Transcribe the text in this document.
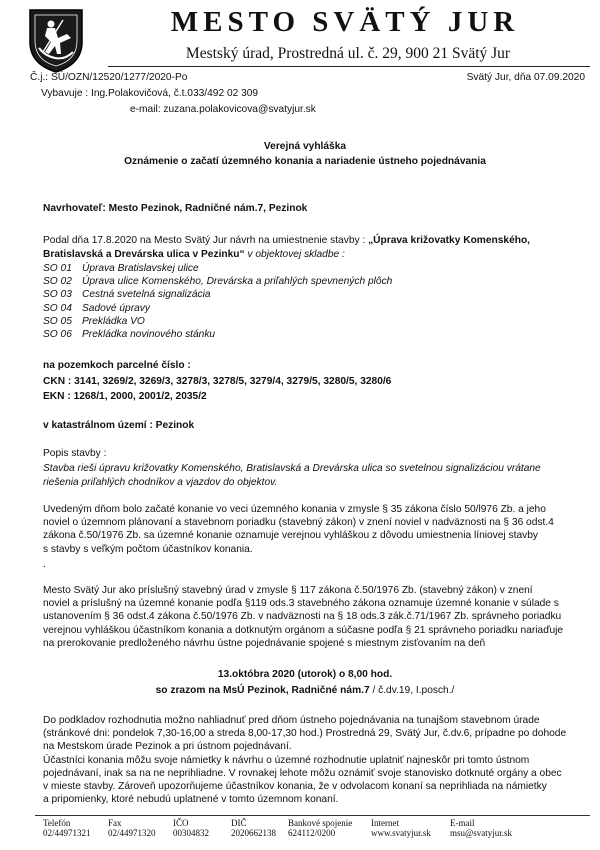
MESTO SVÄTÝ JUR
Mestský úrad, Prostredná ul. č. 29, 900 21 Svätý Jur
Č.j.: SÚ/OZN/12520/1277/2020-Po	Svätý Jur, dňa 07.09.2020
Vybavuje : Ing.Polakovičová, č.t.033/492 02 309
e-mail: zuzana.polakovicova@svatyjur.sk
Verejná vyhláška
Oznámenie o začatí územného konania a nariadenie ústneho pojednávania
Navrhovateľ: Mesto Pezinok, Radničné nám.7, Pezinok
Podal dňa 17.8.2020 na Mesto Svätý Jur návrh na umiestnenie stavby : „Úprava križovatky Komenského,
Bratislavská a Drevárska ulica v Pezinku“ v objektovej skladbe :
SO 01 Úprava Bratislavskej ulice
SO 02 Úprava ulice Komenského, Drevárska a priľahlých spevnených plôch
SO 03 Cestná svetelná signalizácia
SO 04 Sadové úpravy
SO 05 Prekládka VO
SO 06 Prekládka novinového stánku
na pozemkoch parcelné číslo :
CKN : 3141, 3269/2, 3269/3, 3278/3, 3278/5, 3279/4, 3279/5, 3280/5, 3280/6
EKN : 1268/1, 2000, 2001/2, 2035/2
v katastrálnom území : Pezinok
Popis stavby :
Stavba rieši úpravu križovatky Komenského, Bratislavská a Drevárska ulica so svetelnou signalizáciou vrátane
riešenia priľahlých chodníkov a vjazdov do objektov.
Uvedeným dňom bolo začaté konanie vo veci územného konania v zmysle § 35 zákona číslo 50/l976 Zb. a jeho
noviel o územnom plánovaní a stavebnom poriadku (stavebný zákon) v znení noviel v nadväznosti na § 36 odst.4
zákona č.50/1976 Zb. sa územné konanie oznamuje verejnou vyhláškou z dôvodu umiestnenia líniovej stavby
s stavby s veľkým počtom účastníkov konania.
.
Mesto Svätý Jur ako príslušný stavebný úrad v zmysle § 117 zákona č.50/1976 Zb. (stavebný zákon) v znení
noviel a príslušný na územné konanie podľa §119 ods.3 stavebného zákona oznamuje územné konanie v súlade s
ustanovením § 36 odst.4 zákona č.50/1976 Zb. v nadväznosti na § 18 ods.3 zák.č.71/1967 Zb. správneho poriadku
verejnou vyhláškou účastníkom konania a dotknutým orgánom a súčasne podľa § 21 správneho poriadku nariaďuje
na prerokovanie predloženého návrhu ústne pojednávanie spojené s miestnym zisťovaním na deň
13.októbra 2020 (utorok) o 8,00 hod.
so zrazom na MsÚ Pezinok, Radničné nám.7 / č.dv.19, I.posch./
Do podkladov rozhodnutia možno nahliadnuť pred dňom ústneho pojednávania na tunajšom stavebnom úrade
(stránkové dni: pondelok 7,30-16,00 a streda 8,00-17,30 hod.) Prostredná 29, Svätý Jur, č.dv.6, prípadne po dohode
na Mestskom úrade Pezinok a pri ústnom pojednávaní.
Účastníci konania môžu svoje námietky k návrhu o územné rozhodnutie uplatniť najneskôr pri tomto ústnom
pojednávaní, inak sa na ne neprihliadne. V rovnakej lehote môžu oznámiť svoje stanovisko dotknuté orgány a obec
v mieste stavby. Zároveň upozorňujeme účastníkov konania, že v odvolacom konaní sa neprihliada na námietky
a pripomienky, ktoré nebudú uplatnené v tomto územnom konaní.
Telefón
02/44971321
Fax
02/44971320
IČO
00304832
DIČ
2020662138
Bankové spojenie
624112/0200
Internet
www.svatyjur.sk
E-mail
msu@svatyjur.sk
